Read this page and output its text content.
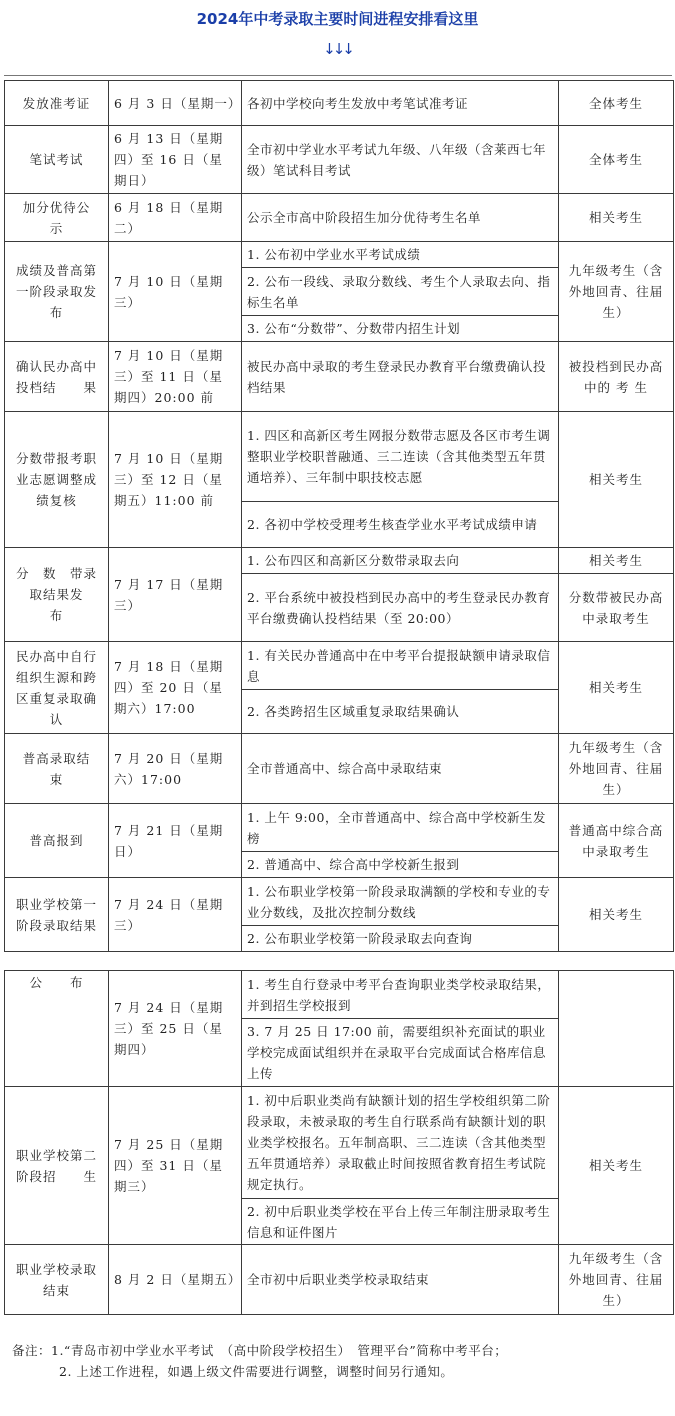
2024年中考录取主要时间进程安排看这里
↓↓↓
发放准考证	6 月 3 日（星期一）	各初中学校向考生发放中考笔试准考证	全体考生
笔试考试	6 月 13 日（星期四）至 16 日（星期日）	全市初中学业水平考试九年级、八年级（含莱西七年级）笔试科目考试	全体考生
加分优待公　示	6 月 18 日（星期二）	公示全市高中阶段招生加分优待考生名单	相关考生
成绩及普高第一阶段录取发布	7 月 10 日（星期三）	1. 公布初中学业水平考试成绩	九年级考生（含外地回青、往届生）
		2. 公布一段线、录取分数线、考生个人录取去向、指标生名单	
		3. 公布“分数带”、分数带内招生计划	
确认民办高中投档结　　果	7 月 10 日（星期三）至 11 日（星期四）20:00 前	被民办高中录取的考生登录民办教育平台缴费确认投档结果	被投档到民办高中的 考 生
分数带报考职业志愿调整成绩复核	7 月 10 日（星期三）至 12 日（星期五）11:00 前	1. 四区和高新区考生网报分数带志愿及各区市考生调整职业学校职普融通、三二连读（含其他类型五年贯通培养）、三年制中职技校志愿	相关考生
		2. 各初中学校受理考生核查学业水平考试成绩申请	
分　数　带录取结果发　　布	7 月 17 日（星期三）	1. 公布四区和高新区分数带录取去向	相关考生
		2. 平台系统中被投档到民办高中的考生登录民办教育平台缴费确认投档结果（至 20:00）	分数带被民办高中录取考生
民办高中自行组织生源和跨区重复录取确认	7 月 18 日（星期四）至 20 日（星期六）17:00	1. 有关民办普通高中在中考平台提报缺额申请录取信息	相关考生
		2. 各类跨招生区域重复录取结果确认	
普高录取结　　束	7 月 20 日（星期六）17:00	全市普通高中、综合高中录取结束	九年级考生（含外地回青、往届生）
普高报到	7 月 21 日（星期日）	1. 上午 9:00，全市普通高中、综合高中学校新生发榜	普通高中综合高中录取考生
		2. 普通高中、综合高中学校新生报到	
职业学校第一阶段录取结果	7 月 24 日（星期三）	1. 公布职业学校第一阶段录取满额的学校和专业的专业分数线，及批次控制分数线	相关考生
		2. 公布职业学校第一阶段录取去向查询	
公　　布	7 月 24 日（星期三）至 25 日（星期四）	1. 考生自行登录中考平台查询职业类学校录取结果，并到招生学校报到	
		3. 7 月 25 日 17:00 前，需要组织补充面试的职业学校完成面试组织并在录取平台完成面试合格库信息上传	
职业学校第二阶段招　　生	7 月 25 日（星期四）至 31 日（星期三）	1. 初中后职业类尚有缺额计划的招生学校组织第二阶段录取，未被录取的考生自行联系尚有缺额计划的职业类学校报名。五年制高职、三二连读（含其他类型五年贯通培养）录取截止时间按照省教育招生考试院规定执行。	相关考生
		2. 初中后职业类学校在平台上传三年制注册录取考生信息和证件图片	
职业学校录取结束	8 月 2 日（星期五）	全市初中后职业类学校录取结束	九年级考生（含外地回青、往届生）
备注：1.“青岛市初中学业水平考试　（高中阶段学校招生）　管理平台”简称中考平台；
2. 上述工作进程，如遇上级文件需要进行调整，调整时间另行通知。
